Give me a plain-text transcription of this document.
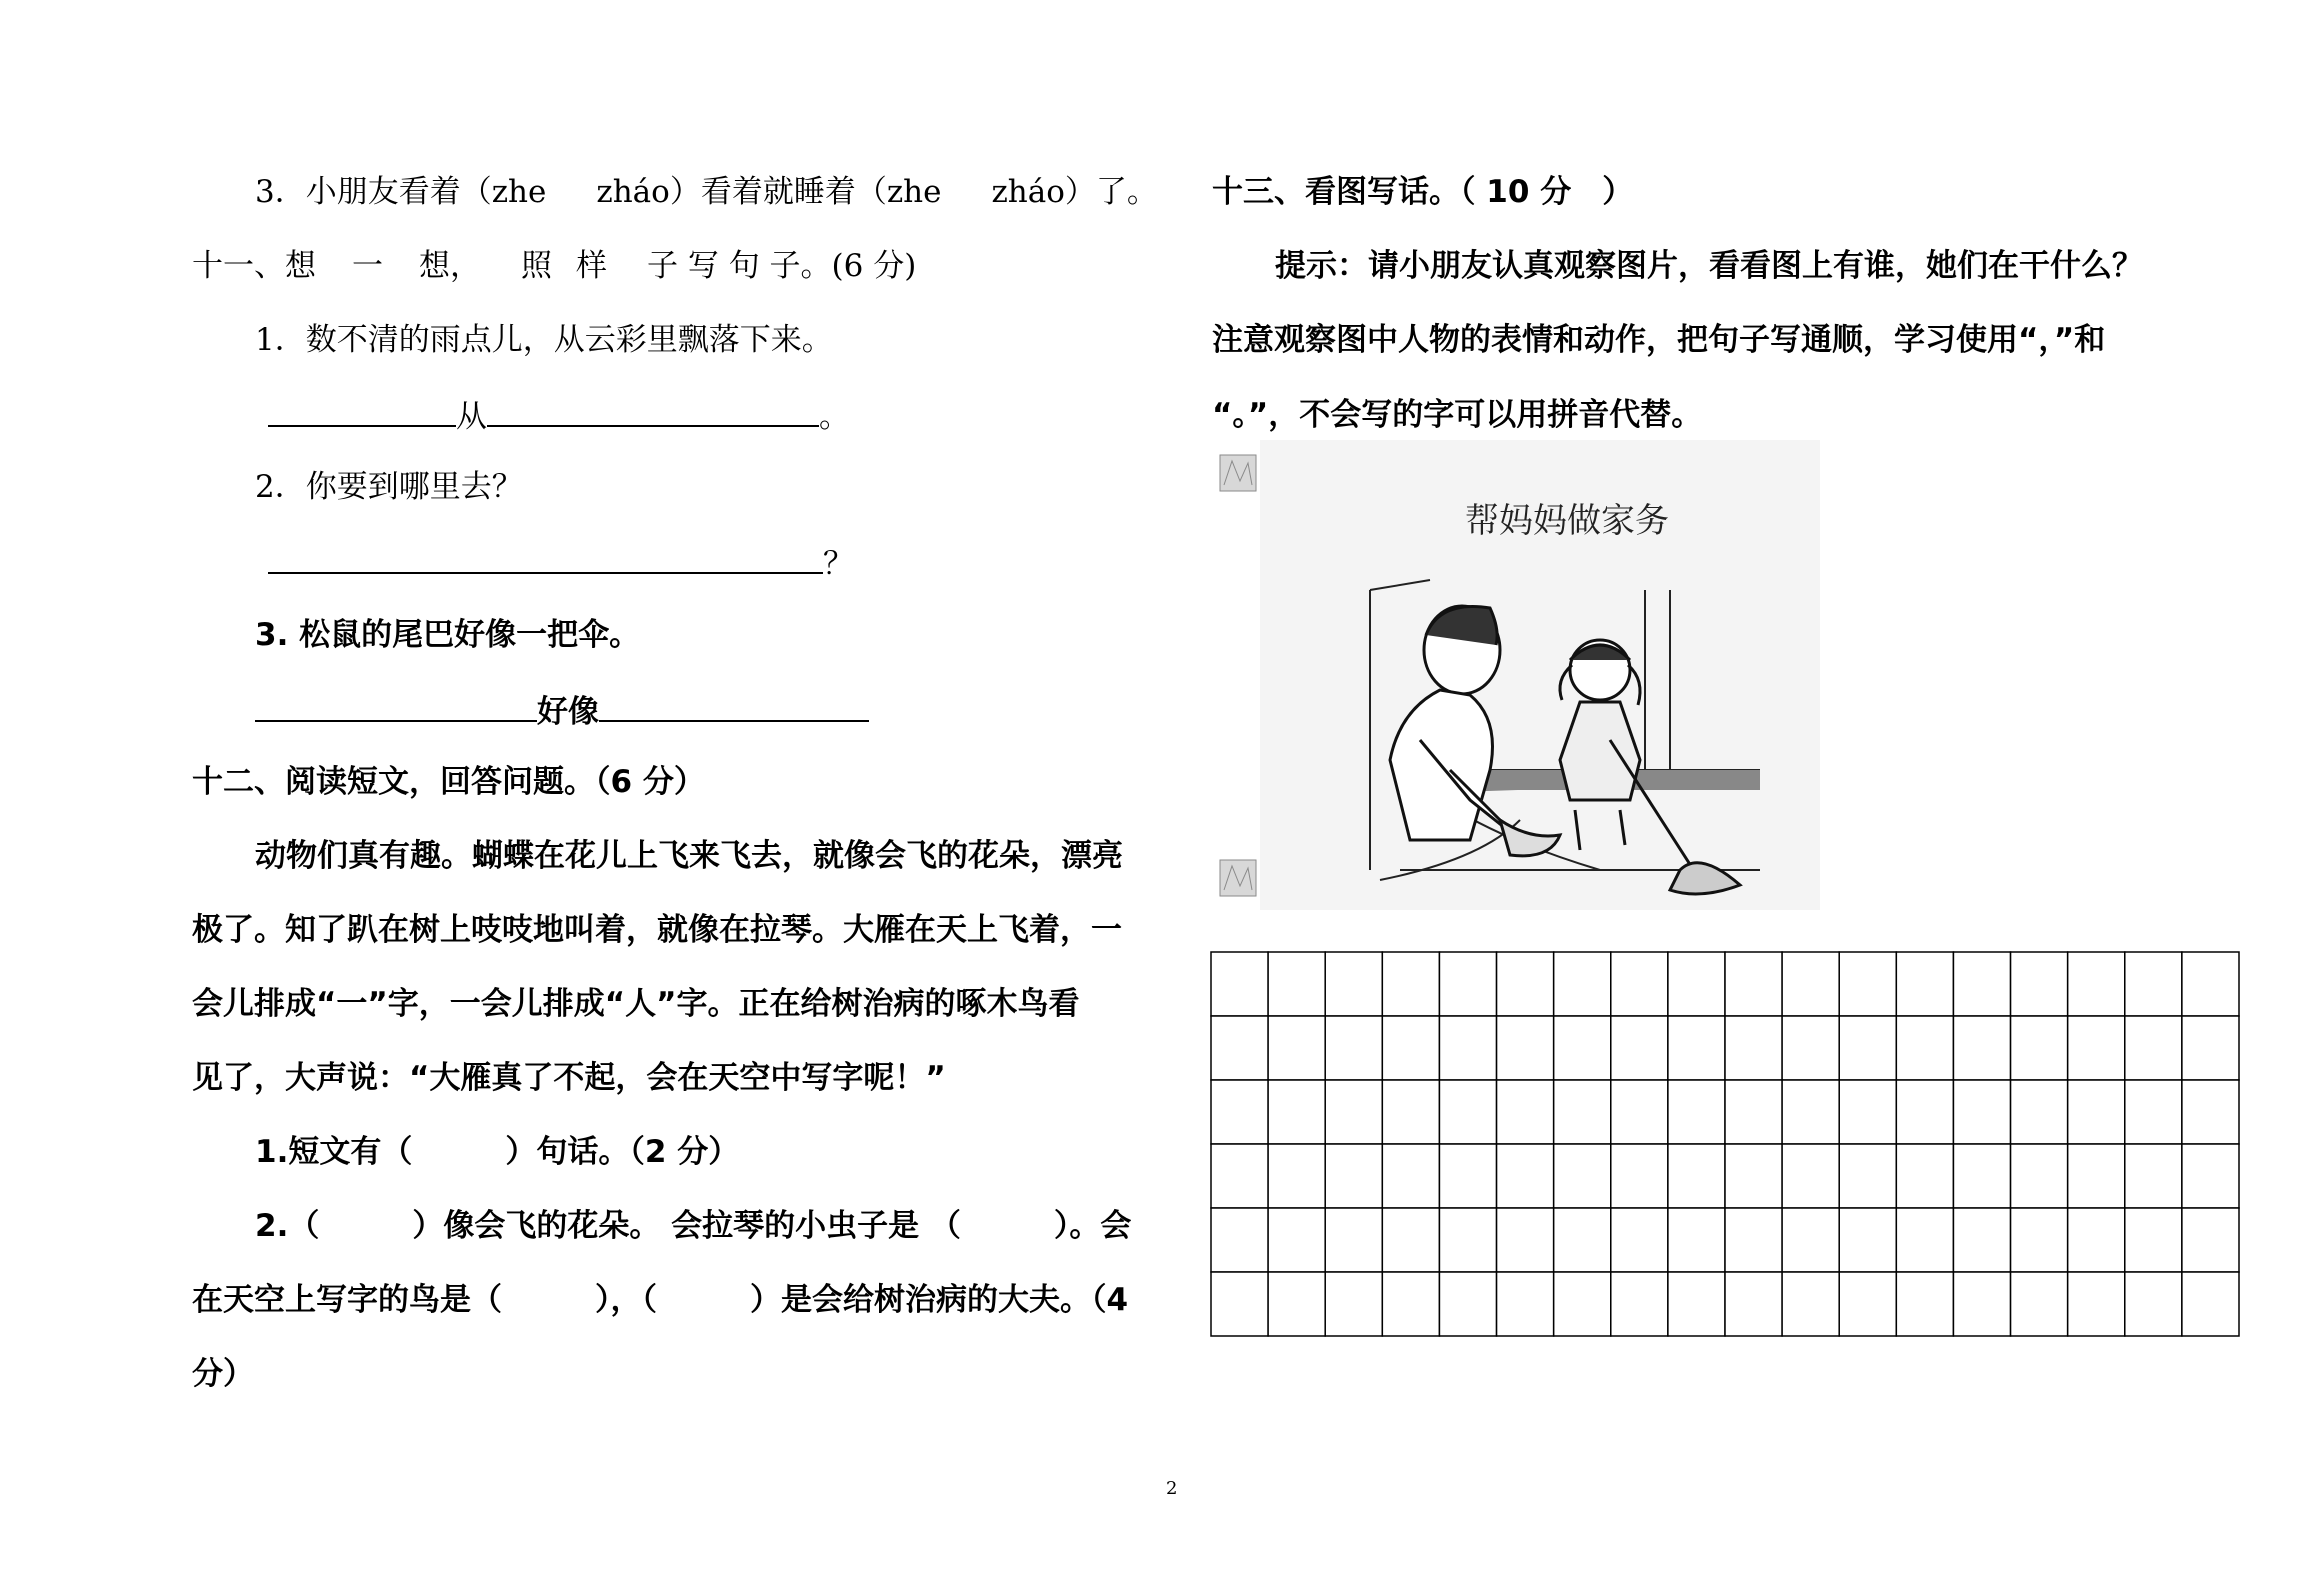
3．小朋友看着（zhe zháo）看着就睡着（zhe zháo）了。
十一、想 一 想， 照 样 子 写 句 子。(6 分)
1．数不清的雨点儿，从云彩里飘落下来。
从	。
2．你要到哪里去？
？
3. 松鼠的尾巴好像一把伞。
好像
十二、阅读短文，回答问题。（6 分）
动物们真有趣。蝴蝶在花儿上飞来飞去，就像会飞的花朵，漂亮
极了。知了趴在树上吱吱地叫着，就像在拉琴。大雁在天上飞着，一
会儿排成“一”字，一会儿排成“人”字。正在给树治病的啄木鸟看
见了，大声说：“大雁真了不起，会在天空中写字呢！”
1.短文有（　　　）句话。（2 分）
2.（　　　）像会飞的花朵。 会拉琴的小虫子是 （　　　）。会
在天空上写字的鸟是（　　　），（　　　）是会给树治病的大夫。（4
分）
十三、看图写话。（ 10 分　）
提示：请小朋友认真观察图片，看看图上有谁，她们在干什么？
注意观察图中人物的表情和动作，把句子写通顺，学习使用“，”和
“。”，不会写的字可以用拼音代替。
帮妈妈做家务
2
